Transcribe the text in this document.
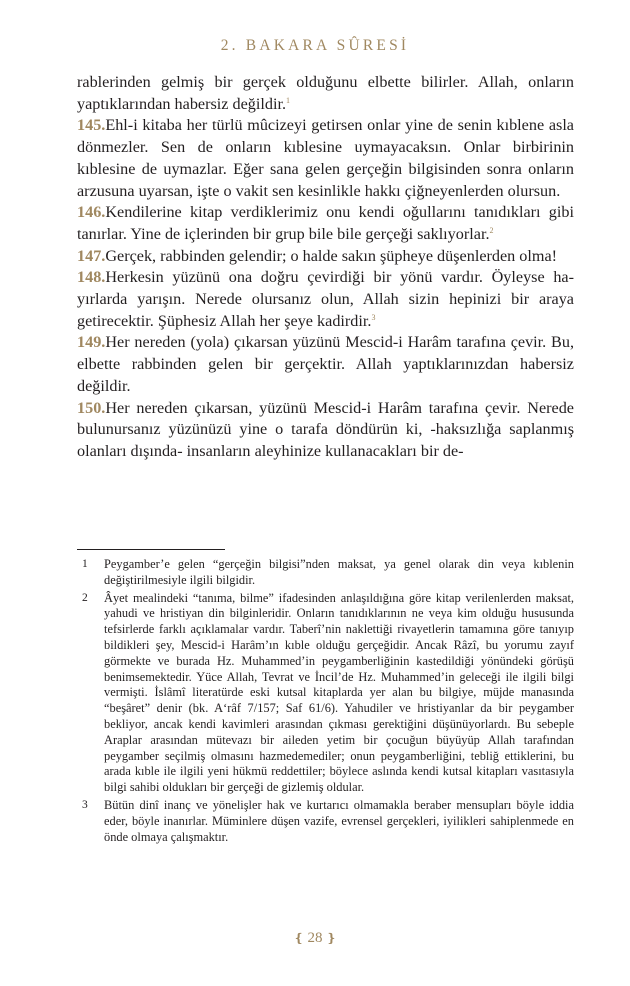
2. BAKARA SÛRESİ

rablerinden gelmiş bir gerçek olduğunu elbette bilirler. Allah, onların yaptıklarından habersiz değildir.$^1$

145.Ehl-i kitaba her türlü mûcizeyi getirsen onlar yine de senin kıblene asla dönmezler. Sen de onların kıblesine uymayacaksın. Onlar birbirinin kıblesine de uymazlar. Eğer sana gelen gerçeğin bilgisinden sonra onların arzusuna uyarsan, işte o vakit sen kesinlikle hakkı çiğneyenlerden olursun.

146.Kendilerine kitap verdiklerimiz onu kendi oğullarını tanıdıkları gibi tanırlar. Yine de içlerinden bir grup bile bile gerçeği saklıyorlar.$^2$

147.Gerçek, rabbinden gelendir; o halde sakın şüpheye düşenlerden olma!

148.Herkesin yüzünü ona doğru çevirdiği bir yönü vardır. Öyleyse hayırlarda yarışın. Nerede olursanız olun, Allah sizin hepinizi bir araya getirecektir. Şüphesiz Allah her şeye kadirdir.$^3$

149.Her nereden (yola) çıkarsan yüzünü Mescid-i Harâm tarafına çevir. Bu, elbette rabbinden gelen bir gerçektir. Allah yaptıklarınızdan habersiz değildir.

150.Her nereden çıkarsan, yüzünü Mescid-i Harâm tarafına çevir. Nerede bulunursanız yüzünüzü yine o tarafa döndürün ki, -haksızlığa saplanmış olanları dışında- insanların aleyhinize kullanacakları bir de-

1	Peygamber’e gelen “gerçeğin bilgisi”nden maksat, ya genel olarak din veya kıblenin değiştirilmesiyle ilgili bilgidir.
2	Âyet mealindeki “tanıma, bilme” ifadesinden anlaşıldığına göre kitap verilenlerden maksat, yahudi ve hristiyan din bilginleridir. Onların tanıdıklarının ne veya kim olduğu hususunda tefsirlerde farklı açıklamalar vardır. Taberî’nin naklettiği rivayetlerin tamamına göre tanıyıp bildikleri şey, Mescid-i Harâm’ın kıble olduğu gerçeğidir. Ancak Râzî, bu yorumu zayıf görmekte ve burada Hz. Muhammed’in peygamberliğinin kastedildiği yönündeki görüşü benimsemektedir. Yüce Allah, Tevrat ve İncil’de Hz. Muhammed’in geleceği ile ilgili bilgi vermişti. İslâmî literatürde eski kutsal kitaplarda yer alan bu bilgiye, müjde manasında “beşâret” denir (bk. A‘râf 7/157; Saf 61/6). Yahudiler ve hristiyanlar da bir peygamber bekliyor, ancak kendi kavimleri arasından çıkması gerektiğini düşünüyorlardı. Bu sebeple Araplar arasından mütevazı bir aileden yetim bir çocuğun büyüyüp Allah tarafından peygamber seçilmiş olmasını hazmedemediler; onun peygamberliğini, tebliğ ettiklerini, bu arada kıble ile ilgili yeni hükmü reddettiler; böylece aslında kendi kutsal kitapları vasıtasıyla bilgi sahibi oldukları bir gerçeği de gizlemiş oldular.
3	Bütün dinî inanç ve yönelişler hak ve kurtarıcı olmamakla beraber mensupları böyle iddia eder, böyle inanırlar. Müminlere düşen vazife, evrensel gerçekleri, iyilikleri sahiplenmede en önde olmaya çalışmaktır.
❴ 28 ❵
